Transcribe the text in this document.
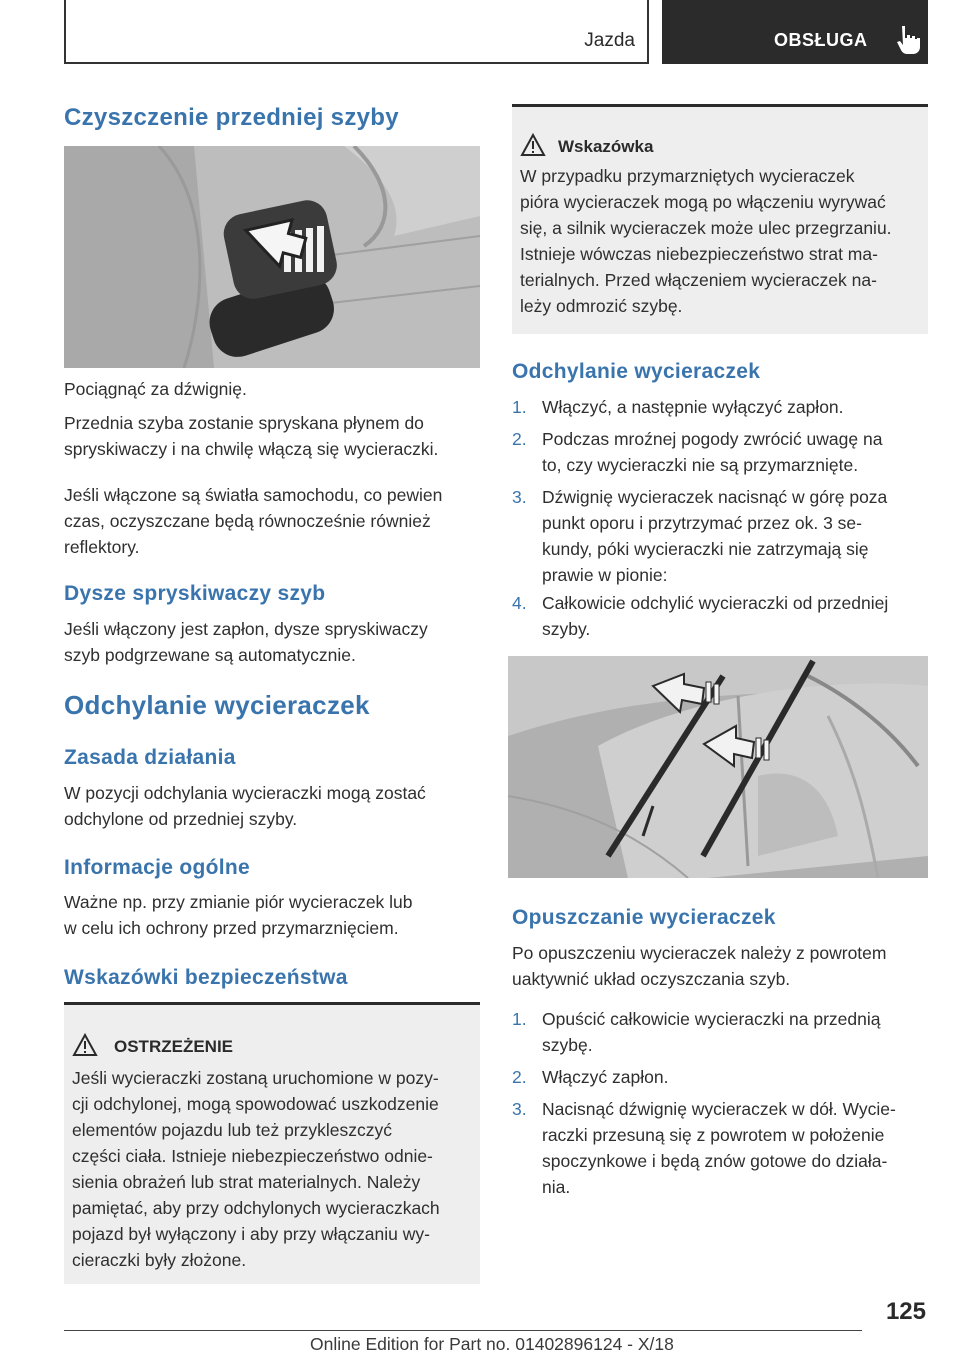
Jazda	OBSŁUGA
Czyszczenie przedniej szyby

Pociągnąć za dźwignię.

Przednia szyba zostanie spryskana płynem do
spryskiwaczy i na chwilę włączą się wycieraczki.

Jeśli włączone są światła samochodu, co pewien
czas, oczyszczane będą równocześnie również
reflektory.

Dysze spryskiwaczy szyb

Jeśli włączony jest zapłon, dysze spryskiwaczy
szyb podgrzewane są automatycznie.

Odchylanie wycieraczek
Zasada działania

W pozycji odchylania wycieraczki mogą zostać
odchylone od przedniej szyby.

Informacje ogólne

Ważne np. przy zmianie piór wycieraczek lub
w celu ich ochrony przed przymarznięciem.

Wskazówki bezpieczeństwa
OSTRZEŻENIE

Jeśli wycieraczki zostaną uruchomione w pozy-
cji odchylonej, mogą spowodować uszkodzenie
elementów pojazdu lub też przykleszczyć
części ciała. Istnieje niebezpieczeństwo odnie-
sienia obrażeń lub strat materialnych. Należy
pamiętać, aby przy odchylonych wycieraczkach
pojazd był wyłączony i aby przy włączaniu wy-
cieraczki były złożone.

Wskazówka

W przypadku przymarzniętych wycieraczek
pióra wycieraczek mogą po włączeniu wyrywać
się, a silnik wycieraczek może ulec przegrzaniu.
Istnieje wówczas niebezpieczeństwo strat ma-
terialnych. Przed włączeniem wycieraczek na-
leży odmrozić szybę.

Odchylanie wycieraczek
1. Włączyć, a następnie wyłączyć zapłon.
2. Podczas mroźnej pogody zwrócić uwagę na
to, czy wycieraczki nie są przymarznięte.
3. Dźwignię wycieraczek nacisnąć w górę poza
punkt oporu i przytrzymać przez ok. 3 se-
kundy, póki wycieraczki nie zatrzymają się
prawie w pionie:
4. Całkowicie odchylić wycieraczki od przedniej
szyby.
Opuszczanie wycieraczek

Po opuszczeniu wycieraczek należy z powrotem
uaktywnić układ oczyszczania szyb.

1. Opuścić całkowicie wycieraczki na przednią
szybę.
2. Włączyć zapłon.
3. Nacisnąć dźwignię wycieraczek w dół. Wycie-
raczki przesuną się z powrotem w położenie
spoczynkowe i będą znów gotowe do działa-
nia.
125
Online Edition for Part no. 01402896124 - X/18
